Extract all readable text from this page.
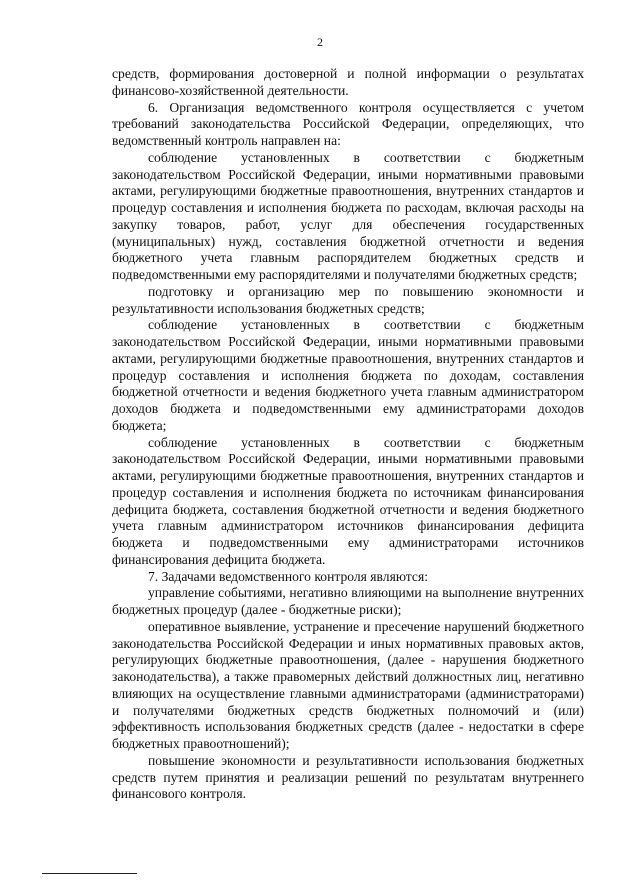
2

средств, формирования достоверной и полной информации о результатах финансово-хозяйственной деятельности.

6. Организация ведомственного контроля осуществляется с учетом требований законодательства Российской Федерации, определяющих, что ведомственный контроль направлен на:

соблюдение установленных в соответствии с бюджетным законодательством Российской Федерации, иными нормативными правовыми актами, регулирующими бюджетные правоотношения, внутренних стандартов и процедур составления и исполнения бюджета по расходам, включая расходы на закупку товаров, работ, услуг для обеспечения государственных (муниципальных) нужд, составления бюджетной отчетности и ведения бюджетного учета главным распорядителем бюджетных средств и подведомственными ему распорядителями и получателями бюджетных средств;

подготовку и организацию мер по повышению экономности и результативности использования бюджетных средств;

соблюдение установленных в соответствии с бюджетным законодательством Российской Федерации, иными нормативными правовыми актами, регулирующими бюджетные правоотношения, внутренних стандартов и процедур составления и исполнения бюджета по доходам, составления бюджетной отчетности и ведения бюджетного учета главным администратором доходов бюджета и подведомственными ему администраторами доходов бюджета;

соблюдение установленных в соответствии с бюджетным законодательством Российской Федерации, иными нормативными правовыми актами, регулирующими бюджетные правоотношения, внутренних стандартов и процедур составления и исполнения бюджета по источникам финансирования дефицита бюджета, составления бюджетной отчетности и ведения бюджетного учета главным администратором источников финансирования дефицита бюджета и подведомственными ему администраторами источников финансирования дефицита бюджета.

7. Задачами ведомственного контроля являются:

управление событиями, негативно влияющими на выполнение внутренних бюджетных процедур (далее - бюджетные риски);

оперативное выявление, устранение и пресечение нарушений бюджетного законодательства Российской Федерации и иных нормативных правовых актов, регулирующих бюджетные правоотношения, (далее - нарушения бюджетного законодательства), а также правомерных действий должностных лиц, негативно влияющих на осуществление главными администраторами (администраторами) и получателями бюджетных средств бюджетных полномочий и (или) эффективность использования бюджетных средств (далее - недостатки в сфере бюджетных правоотношений);

повышение экономности и результативности использования бюджетных средств путем принятия и реализации решений по результатам внутреннего финансового контроля.
